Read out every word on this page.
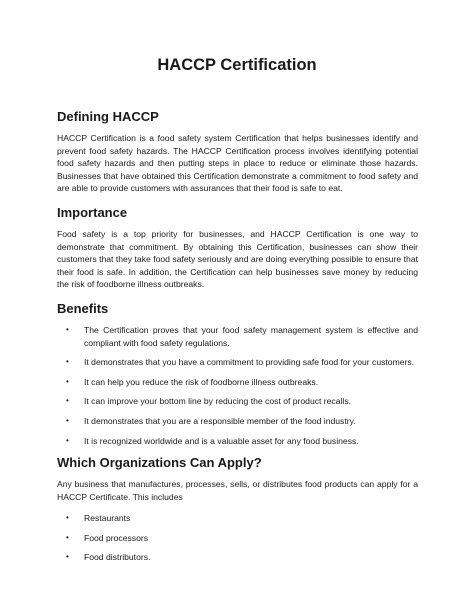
HACCP Certification
Defining HACCP

HACCP Certification is a food safety system Certification that helps businesses identify and prevent food safety hazards. The HACCP Certification process involves identifying potential food safety hazards and then putting steps in place to reduce or eliminate those hazards. Businesses that have obtained this Certification demonstrate a commitment to food safety and are able to provide customers with assurances that their food is safe to eat.

Importance

Food safety is a top priority for businesses, and HACCP Certification is one way to demonstrate that commitment. By obtaining this Certification, businesses can show their customers that they take food safety seriously and are doing everything possible to ensure that their food is safe. In addition, the Certification can help businesses save money by reducing the risk of foodborne illness outbreaks.

Benefits
• The Certification proves that your food safety management system is effective and compliant with food safety regulations.
• It demonstrates that you have a commitment to providing safe food for your customers.
• It can help you reduce the risk of foodborne illness outbreaks.
• It can improve your bottom line by reducing the cost of product recalls.
• It demonstrates that you are a responsible member of the food industry.
• It is recognized worldwide and is a valuable asset for any food business.
Which Organizations Can Apply?

Any business that manufactures, processes, sells, or distributes food products can apply for a HACCP Certificate. This includes

• Restaurants
• Food processors
• Food distributors.
